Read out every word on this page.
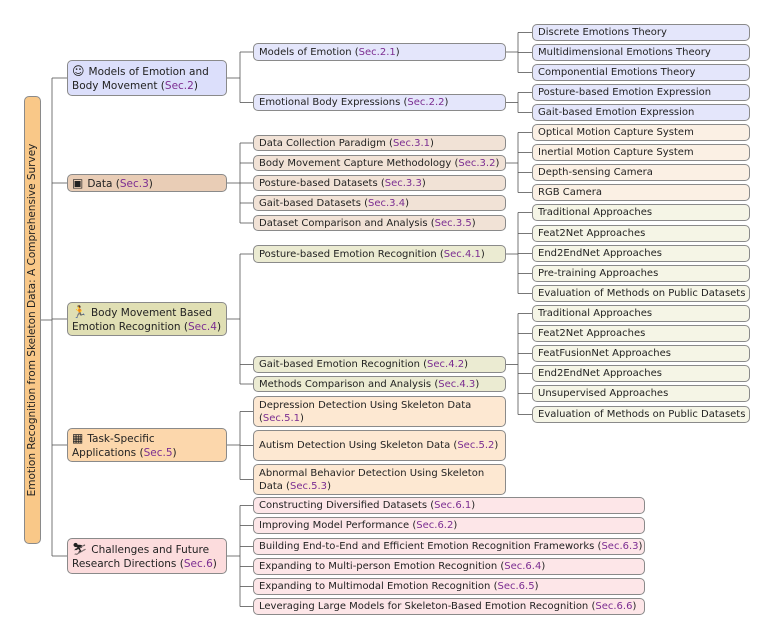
Emotion Recognition from Skeleton Data: A Comprehensive Survey
☺ Models of Emotion and Body Movement (Sec.2)
Models of Emotion (Sec.2.1)
Discrete Emotions Theory
Multidimensional Emotions Theory
Componential Emotions Theory
Emotional Body Expressions (Sec.2.2)
Posture-based Emotion Expression
Gait-based Emotion Expression
▣ Data (Sec.3)
Data Collection Paradigm (Sec.3.1)
Body Movement Capture Methodology (Sec.3.2)
Optical Motion Capture System
Inertial Motion Capture System
Depth-sensing Camera
RGB Camera
Posture-based Datasets (Sec.3.3)
Gait-based Datasets (Sec.3.4)
Dataset Comparison and Analysis (Sec.3.5)
🏃 Body Movement Based Emotion Recognition (Sec.4)
Posture-based Emotion Recognition (Sec.4.1)
Traditional Approaches
Feat2Net Approaches
End2EndNet Approaches
Pre-training Approaches
Evaluation of Methods on Public Datasets
Gait-based Emotion Recognition (Sec.4.2)
Traditional Approaches
Feat2Net Approaches
FeatFusionNet Approaches
End2EndNet Approaches
Unsupervised Approaches
Evaluation of Methods on Public Datasets
Methods Comparison and Analysis (Sec.4.3)
▦ Task-Specific Applications (Sec.5)
Depression Detection Using Skeleton Data (Sec.5.1)
Autism Detection Using Skeleton Data (Sec.5.2)
Abnormal Behavior Detection Using Skeleton Data (Sec.5.3)
⛷ Challenges and Future Research Directions (Sec.6)
Constructing Diversified Datasets (Sec.6.1)
Improving Model Performance (Sec.6.2)
Building End-to-End and Efficient Emotion Recognition Frameworks (Sec.6.3)
Expanding to Multi-person Emotion Recognition (Sec.6.4)
Expanding to Multimodal Emotion Recognition (Sec.6.5)
Leveraging Large Models for Skeleton-Based Emotion Recognition (Sec.6.6)
